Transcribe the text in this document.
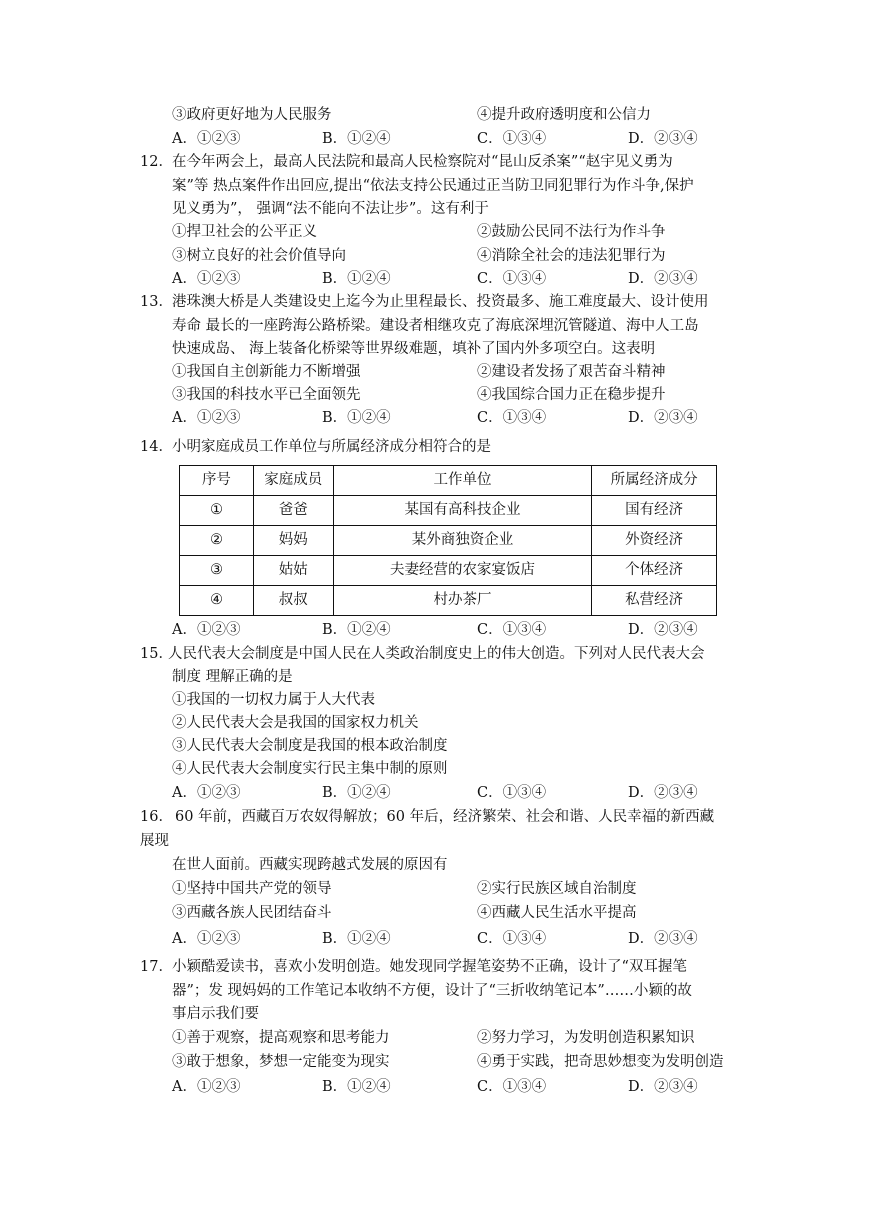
③政府更好地为人民服务	④提升政府透明度和公信力
A．①②③	B．①②④	C．①③④	D．②③④
12． 在今年两会上，最高人民法院和最高人民检察院对“昆山反杀案”“赵宇见义勇为
案”等 热点案件作出回应,提出“依法支持公民通过正当防卫同犯罪行为作斗争,保护
见义勇为”， 强调“法不能向不法让步”。这有利于
①捍卫社会的公平正义	②鼓励公民同不法行为作斗争
③树立良好的社会价值导向	④消除全社会的违法犯罪行为
A．①②③	B．①②④	C．①③④	D．②③④
13． 港珠澳大桥是人类建设史上迄今为止里程最长、投资最多、施工难度最大、设计使用
寿命 最长的一座跨海公路桥梁。建设者相继攻克了海底深埋沉管隧道、海中人工岛
快速成岛、 海上装备化桥梁等世界级难题，填补了国内外多项空白。这表明
①我国自主创新能力不断增强	②建设者发扬了艰苦奋斗精神
③我国的科技水平已全面领先	④我国综合国力正在稳步提升
A．①②③	B．①②④	C．①③④	D．②③④
14． 小明家庭成员工作单位与所属经济成分相符合的是
序号	家庭成员	工作单位	所属经济成分
①	爸爸	某国有高科技企业	国有经济
②	妈妈	某外商独资企业	外资经济
③	姑姑	夫妻经营的农家宴饭店	个体经济
④	叔叔	村办茶厂	私营经济
A．①②③	B．①②④	C．①③④	D．②③④
15．
人民代表大会制度是中国人民在人类政治制度史上的伟大创造。下列对人民代表大会
制度 理解正确的是
①我国的一切权力属于人大代表
②人民代表大会是我国的国家权力机关
③人民代表大会制度是我国的根本政治制度
④人民代表大会制度实行民主集中制的原则
A．①②③	B．①②④	C．①③④	D．②③④
16． 60 年前，西藏百万农奴得解放；60 年后，经济繁荣、社会和谐、人民幸福的新西藏
展现
在世人面前。西藏实现跨越式发展的原因有
①坚持中国共产党的领导	②实行民族区域自治制度
③西藏各族人民团结奋斗	④西藏人民生活水平提高
A．①②③	B．①②④	C．①③④	D．②③④
17． 小颖酷爱读书，喜欢小发明创造。她发现同学握笔姿势不正确，设计了“双耳握笔
器”；发 现妈妈的工作笔记本收纳不方便，设计了“三折收纳笔记本”……小颖的故
事启示我们要
①善于观察，提高观察和思考能力	②努力学习，为发明创造积累知识
③敢于想象，梦想一定能变为现实	④勇于实践，把奇思妙想变为发明创造
A．①②③	B．①②④	C．①③④	D．②③④
